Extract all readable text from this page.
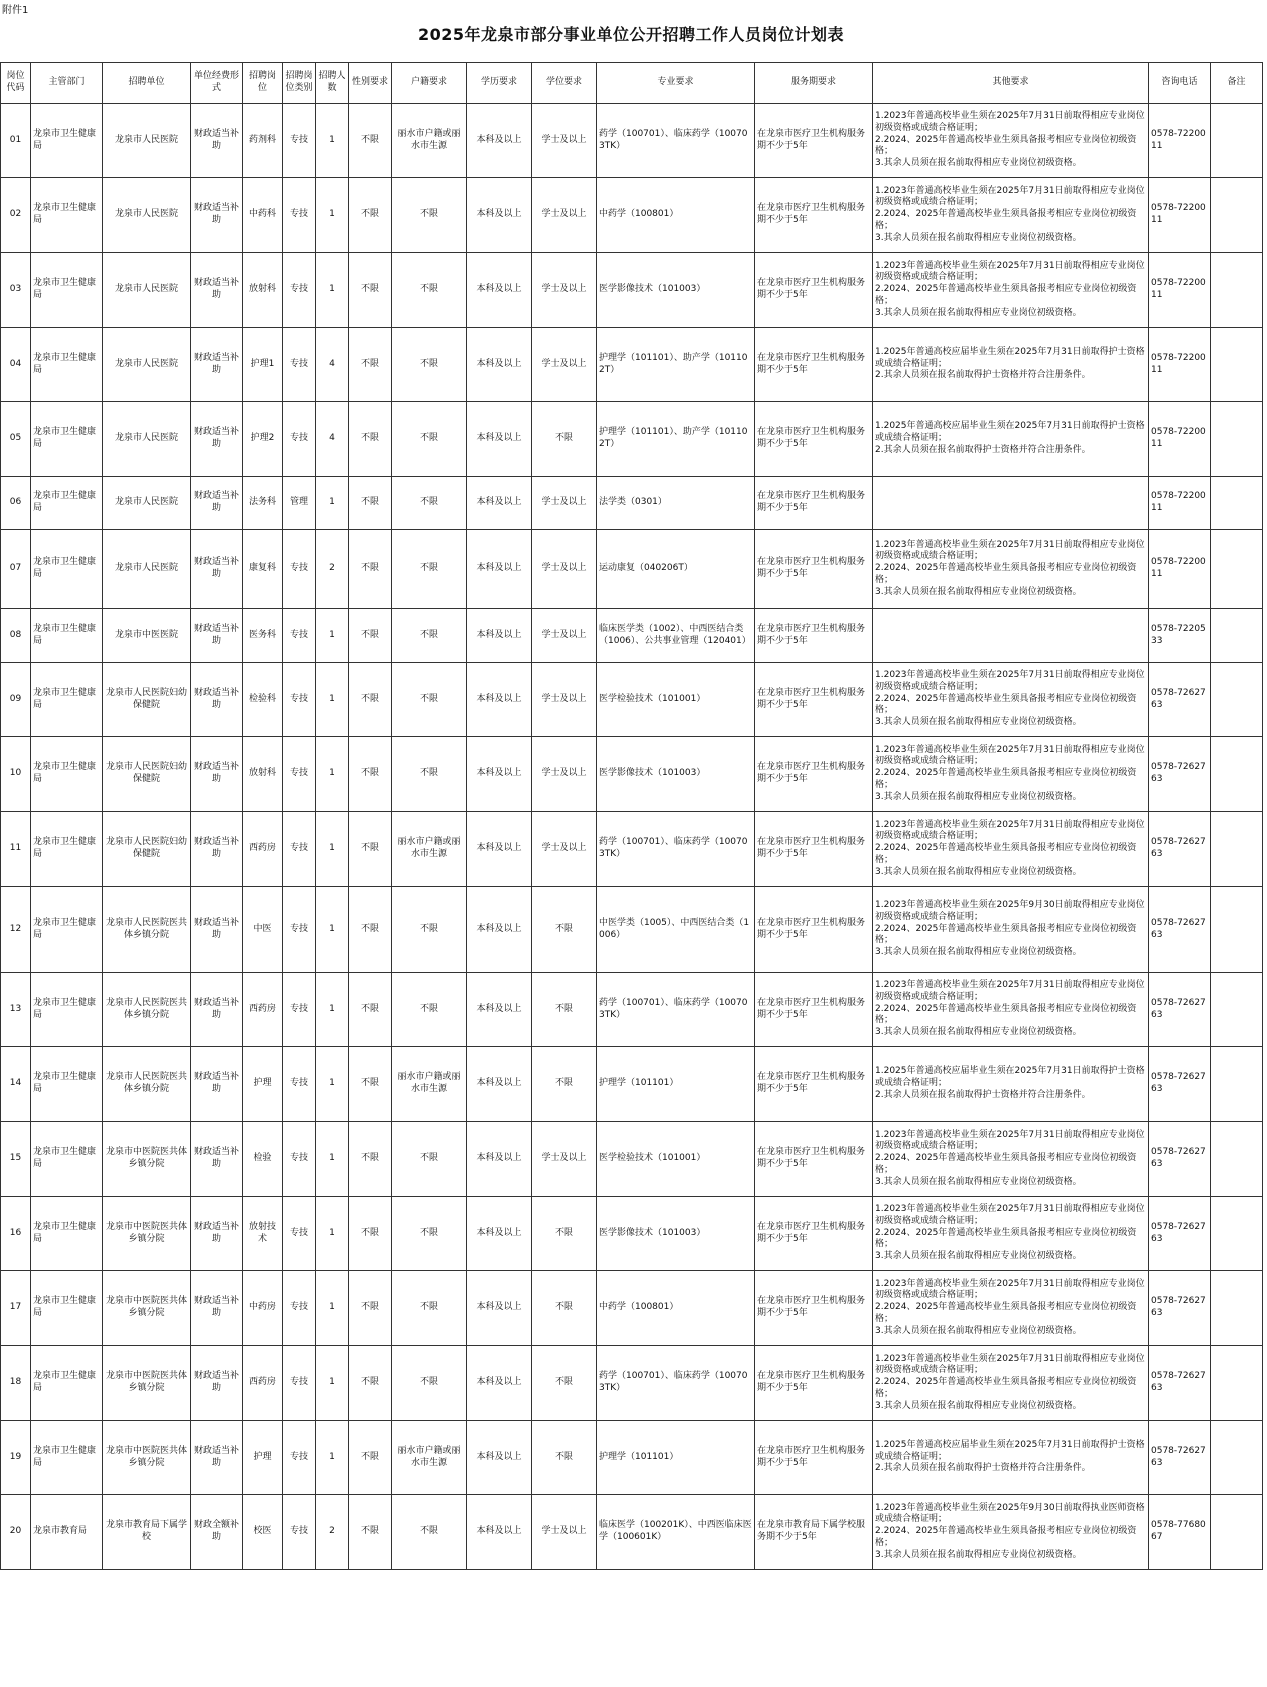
附件1
2025年龙泉市部分事业单位公开招聘工作人员岗位计划表
岗位代码	主管部门	招聘单位	单位经费形式	招聘岗位	招聘岗位类别	招聘人数	性别要求	户籍要求	学历要求	学位要求	专业要求	服务期要求	其他要求	咨询电话	备注
01	龙泉市卫生健康局	龙泉市人民医院	财政适当补助	药剂科	专技	1	不限	丽水市户籍或丽水市生源	本科及以上	学士及以上	药学（100701）、临床药学（100703TK）	在龙泉市医疗卫生机构服务期不少于5年	1.2023年普通高校毕业生须在2025年7月31日前取得相应专业岗位初级资格或成绩合格证明；
2.2024、2025年普通高校毕业生须具备报考相应专业岗位初级资格；
3.其余人员须在报名前取得相应专业岗位初级资格。	0578-7220011	
02	龙泉市卫生健康局	龙泉市人民医院	财政适当补助	中药科	专技	1	不限	不限	本科及以上	学士及以上	中药学（100801）	在龙泉市医疗卫生机构服务期不少于5年	1.2023年普通高校毕业生须在2025年7月31日前取得相应专业岗位初级资格或成绩合格证明；
2.2024、2025年普通高校毕业生须具备报考相应专业岗位初级资格；
3.其余人员须在报名前取得相应专业岗位初级资格。	0578-7220011	
03	龙泉市卫生健康局	龙泉市人民医院	财政适当补助	放射科	专技	1	不限	不限	本科及以上	学士及以上	医学影像技术（101003）	在龙泉市医疗卫生机构服务期不少于5年	1.2023年普通高校毕业生须在2025年7月31日前取得相应专业岗位初级资格或成绩合格证明；
2.2024、2025年普通高校毕业生须具备报考相应专业岗位初级资格；
3.其余人员须在报名前取得相应专业岗位初级资格。	0578-7220011	
04	龙泉市卫生健康局	龙泉市人民医院	财政适当补助	护理1	专技	4	不限	不限	本科及以上	学士及以上	护理学（101101）、助产学（101102T）	在龙泉市医疗卫生机构服务期不少于5年	1.2025年普通高校应届毕业生须在2025年7月31日前取得护士资格或成绩合格证明；
2.其余人员须在报名前取得护士资格并符合注册条件。	0578-7220011	
05	龙泉市卫生健康局	龙泉市人民医院	财政适当补助	护理2	专技	4	不限	不限	本科及以上	不限	护理学（101101）、助产学（101102T）	在龙泉市医疗卫生机构服务期不少于5年	1.2025年普通高校应届毕业生须在2025年7月31日前取得护士资格或成绩合格证明；
2.其余人员须在报名前取得护士资格并符合注册条件。	0578-7220011	
06	龙泉市卫生健康局	龙泉市人民医院	财政适当补助	法务科	管理	1	不限	不限	本科及以上	学士及以上	法学类（0301）	在龙泉市医疗卫生机构服务期不少于5年		0578-7220011	
07	龙泉市卫生健康局	龙泉市人民医院	财政适当补助	康复科	专技	2	不限	不限	本科及以上	学士及以上	运动康复（040206T）	在龙泉市医疗卫生机构服务期不少于5年	1.2023年普通高校毕业生须在2025年7月31日前取得相应专业岗位初级资格或成绩合格证明；
2.2024、2025年普通高校毕业生须具备报考相应专业岗位初级资格；
3.其余人员须在报名前取得相应专业岗位初级资格。	0578-7220011	
08	龙泉市卫生健康局	龙泉市中医医院	财政适当补助	医务科	专技	1	不限	不限	本科及以上	学士及以上	临床医学类（1002）、中西医结合类（1006）、公共事业管理（120401）	在龙泉市医疗卫生机构服务期不少于5年		0578-7220533	
09	龙泉市卫生健康局	龙泉市人民医院妇幼保健院	财政适当补助	检验科	专技	1	不限	不限	本科及以上	学士及以上	医学检验技术（101001）	在龙泉市医疗卫生机构服务期不少于5年	1.2023年普通高校毕业生须在2025年7月31日前取得相应专业岗位初级资格或成绩合格证明；
2.2024、2025年普通高校毕业生须具备报考相应专业岗位初级资格；
3.其余人员须在报名前取得相应专业岗位初级资格。	0578-7262763	
10	龙泉市卫生健康局	龙泉市人民医院妇幼保健院	财政适当补助	放射科	专技	1	不限	不限	本科及以上	学士及以上	医学影像技术（101003）	在龙泉市医疗卫生机构服务期不少于5年	1.2023年普通高校毕业生须在2025年7月31日前取得相应专业岗位初级资格或成绩合格证明；
2.2024、2025年普通高校毕业生须具备报考相应专业岗位初级资格；
3.其余人员须在报名前取得相应专业岗位初级资格。	0578-7262763	
11	龙泉市卫生健康局	龙泉市人民医院妇幼保健院	财政适当补助	西药房	专技	1	不限	丽水市户籍或丽水市生源	本科及以上	学士及以上	药学（100701）、临床药学（100703TK）	在龙泉市医疗卫生机构服务期不少于5年	1.2023年普通高校毕业生须在2025年7月31日前取得相应专业岗位初级资格或成绩合格证明；
2.2024、2025年普通高校毕业生须具备报考相应专业岗位初级资格；
3.其余人员须在报名前取得相应专业岗位初级资格。	0578-7262763	
12	龙泉市卫生健康局	龙泉市人民医院医共体乡镇分院	财政适当补助	中医	专技	1	不限	不限	本科及以上	不限	中医学类（1005）、中西医结合类（1006）	在龙泉市医疗卫生机构服务期不少于5年	1.2023年普通高校毕业生须在2025年9月30日前取得相应专业岗位初级资格或成绩合格证明；
2.2024、2025年普通高校毕业生须具备报考相应专业岗位初级资格；
3.其余人员须在报名前取得相应专业岗位初级资格。	0578-7262763	
13	龙泉市卫生健康局	龙泉市人民医院医共体乡镇分院	财政适当补助	西药房	专技	1	不限	不限	本科及以上	不限	药学（100701）、临床药学（100703TK）	在龙泉市医疗卫生机构服务期不少于5年	1.2023年普通高校毕业生须在2025年7月31日前取得相应专业岗位初级资格或成绩合格证明；
2.2024、2025年普通高校毕业生须具备报考相应专业岗位初级资格；
3.其余人员须在报名前取得相应专业岗位初级资格。	0578-7262763	
14	龙泉市卫生健康局	龙泉市人民医院医共体乡镇分院	财政适当补助	护理	专技	1	不限	丽水市户籍或丽水市生源	本科及以上	不限	护理学（101101）	在龙泉市医疗卫生机构服务期不少于5年	1.2025年普通高校应届毕业生须在2025年7月31日前取得护士资格或成绩合格证明；
2.其余人员须在报名前取得护士资格并符合注册条件。	0578-7262763	
15	龙泉市卫生健康局	龙泉市中医院医共体乡镇分院	财政适当补助	检验	专技	1	不限	不限	本科及以上	学士及以上	医学检验技术（101001）	在龙泉市医疗卫生机构服务期不少于5年	1.2023年普通高校毕业生须在2025年7月31日前取得相应专业岗位初级资格或成绩合格证明；
2.2024、2025年普通高校毕业生须具备报考相应专业岗位初级资格；
3.其余人员须在报名前取得相应专业岗位初级资格。	0578-7262763	
16	龙泉市卫生健康局	龙泉市中医院医共体乡镇分院	财政适当补助	放射技术	专技	1	不限	不限	本科及以上	不限	医学影像技术（101003）	在龙泉市医疗卫生机构服务期不少于5年	1.2023年普通高校毕业生须在2025年7月31日前取得相应专业岗位初级资格或成绩合格证明；
2.2024、2025年普通高校毕业生须具备报考相应专业岗位初级资格；
3.其余人员须在报名前取得相应专业岗位初级资格。	0578-7262763	
17	龙泉市卫生健康局	龙泉市中医院医共体乡镇分院	财政适当补助	中药房	专技	1	不限	不限	本科及以上	不限	中药学（100801）	在龙泉市医疗卫生机构服务期不少于5年	1.2023年普通高校毕业生须在2025年7月31日前取得相应专业岗位初级资格或成绩合格证明；
2.2024、2025年普通高校毕业生须具备报考相应专业岗位初级资格；
3.其余人员须在报名前取得相应专业岗位初级资格。	0578-7262763	
18	龙泉市卫生健康局	龙泉市中医院医共体乡镇分院	财政适当补助	西药房	专技	1	不限	不限	本科及以上	不限	药学（100701）、临床药学（100703TK）	在龙泉市医疗卫生机构服务期不少于5年	1.2023年普通高校毕业生须在2025年7月31日前取得相应专业岗位初级资格或成绩合格证明；
2.2024、2025年普通高校毕业生须具备报考相应专业岗位初级资格；
3.其余人员须在报名前取得相应专业岗位初级资格。	0578-7262763	
19	龙泉市卫生健康局	龙泉市中医院医共体乡镇分院	财政适当补助	护理	专技	1	不限	丽水市户籍或丽水市生源	本科及以上	不限	护理学（101101）	在龙泉市医疗卫生机构服务期不少于5年	1.2025年普通高校应届毕业生须在2025年7月31日前取得护士资格或成绩合格证明；
2.其余人员须在报名前取得护士资格并符合注册条件。	0578-7262763	
20	龙泉市教育局	龙泉市教育局下属学校	财政全额补助	校医	专技	2	不限	不限	本科及以上	学士及以上	临床医学（100201K）、中西医临床医学（100601K）	在龙泉市教育局下属学校服务期不少于5年	1.2023年普通高校毕业生须在2025年9月30日前取得执业医师资格或成绩合格证明；
2.2024、2025年普通高校毕业生须具备报考相应专业岗位初级资格；
3.其余人员须在报名前取得相应专业岗位初级资格。	0578-7768067	
